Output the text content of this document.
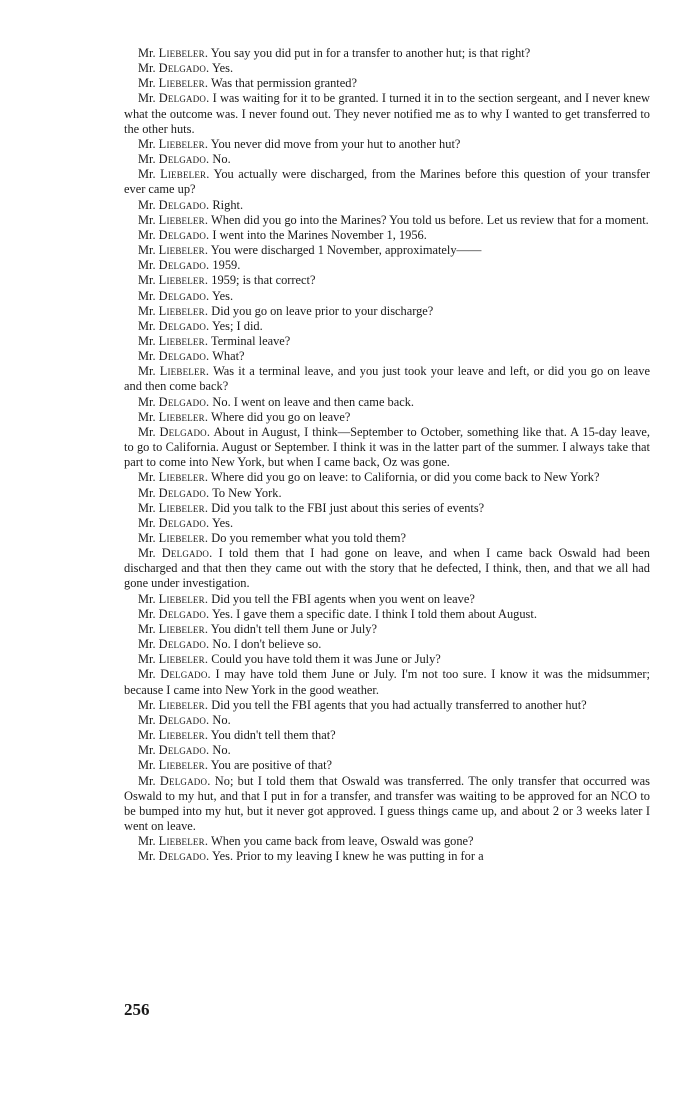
Mr. Liebeler. You say you did put in for a transfer to another hut; is that right?

Mr. Delgado. Yes.

Mr. Liebeler. Was that permission granted?

Mr. Delgado. I was waiting for it to be granted. I turned it in to the section sergeant, and I never knew what the outcome was. I never found out. They never notified me as to why I wanted to get transferred to the other huts.

Mr. Liebeler. You never did move from your hut to another hut?

Mr. Delgado. No.

Mr. Liebeler. You actually were discharged, from the Marines before this question of your transfer ever came up?

Mr. Delgado. Right.

Mr. Liebeler. When did you go into the Marines? You told us before. Let us review that for a moment.

Mr. Delgado. I went into the Marines November 1, 1956.

Mr. Liebeler. You were discharged 1 November, approximately——

Mr. Delgado. 1959.

Mr. Liebeler. 1959; is that correct?

Mr. Delgado. Yes.

Mr. Liebeler. Did you go on leave prior to your discharge?

Mr. Delgado. Yes; I did.

Mr. Liebeler. Terminal leave?

Mr. Delgado. What?

Mr. Liebeler. Was it a terminal leave, and you just took your leave and left, or did you go on leave and then come back?

Mr. Delgado. No. I went on leave and then came back.

Mr. Liebeler. Where did you go on leave?

Mr. Delgado. About in August, I think—September to October, something like that. A 15-day leave, to go to California. August or September. I think it was in the latter part of the summer. I always take that part to come into New York, but when I came back, Oz was gone.

Mr. Liebeler. Where did you go on leave: to California, or did you come back to New York?

Mr. Delgado. To New York.

Mr. Liebeler. Did you talk to the FBI just about this series of events?

Mr. Delgado. Yes.

Mr. Liebeler. Do you remember what you told them?

Mr. Delgado. I told them that I had gone on leave, and when I came back Oswald had been discharged and that then they came out with the story that he defected, I think, then, and that we all had gone under investigation.

Mr. Liebeler. Did you tell the FBI agents when you went on leave?

Mr. Delgado. Yes. I gave them a specific date. I think I told them about August.

Mr. Liebeler. You didn't tell them June or July?

Mr. Delgado. No. I don't believe so.

Mr. Liebeler. Could you have told them it was June or July?

Mr. Delgado. I may have told them June or July. I'm not too sure. I know it was the midsummer; because I came into New York in the good weather.

Mr. Liebeler. Did you tell the FBI agents that you had actually transferred to another hut?

Mr. Delgado. No.

Mr. Liebeler. You didn't tell them that?

Mr. Delgado. No.

Mr. Liebeler. You are positive of that?

Mr. Delgado. No; but I told them that Oswald was transferred. The only transfer that occurred was Oswald to my hut, and that I put in for a transfer, and transfer was waiting to be approved for an NCO to be bumped into my hut, but it never got approved. I guess things came up, and about 2 or 3 weeks later I went on leave.

Mr. Liebeler. When you came back from leave, Oswald was gone?

Mr. Delgado. Yes. Prior to my leaving I knew he was putting in for a

256
